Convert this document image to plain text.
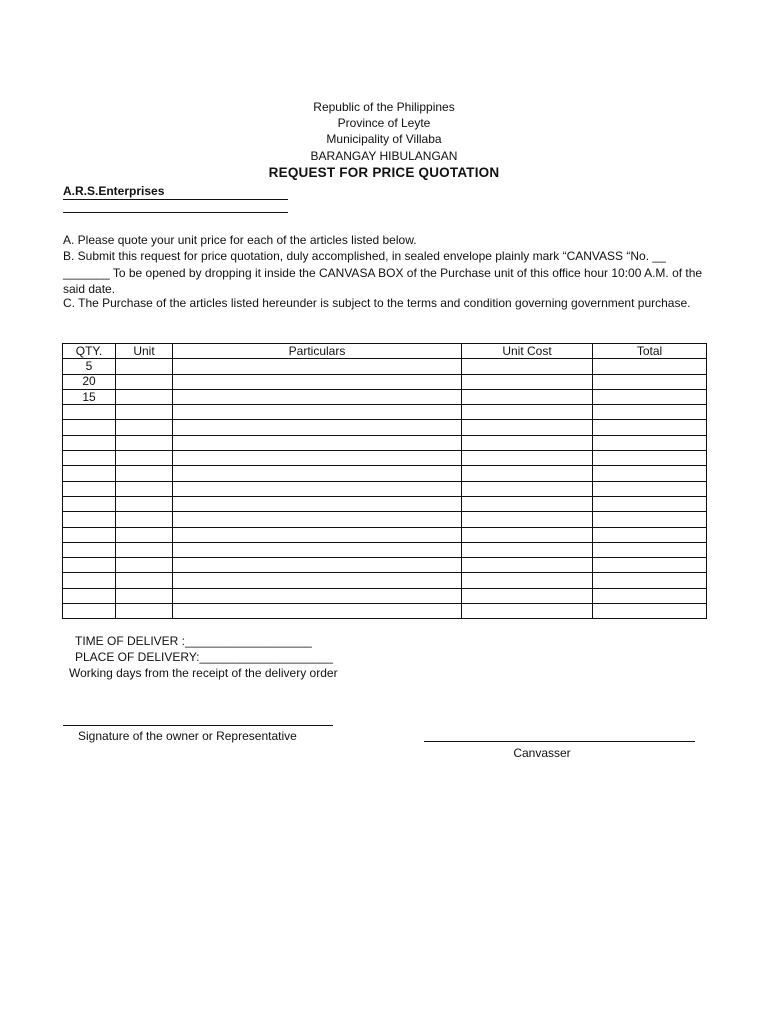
Republic of the Philippines
Province of Leyte
Municipality of Villaba
BARANGAY HIBULANGAN
REQUEST FOR PRICE QUOTATION
A.R.S.Enterprises
A. Please quote your unit price for each of the articles listed below.
B. Submit this request for price quotation, duly accomplished, in sealed envelope plainly mark “CANVASS “No. __ _______ To be opened by dropping it inside the CANVASA BOX of the Purchase unit of this office hour 10:00 A.M. of the said date.
C. The Purchase of the articles listed hereunder is subject to the terms and condition governing government purchase.
QTY.	Unit	Particulars	Unit Cost	Total
5				
20				
15				

TIME OF DELIVER :___________________
PLACE OF DELIVERY:____________________
Working days from the receipt of the delivery order
Signature of the owner or Representative
Canvasser
